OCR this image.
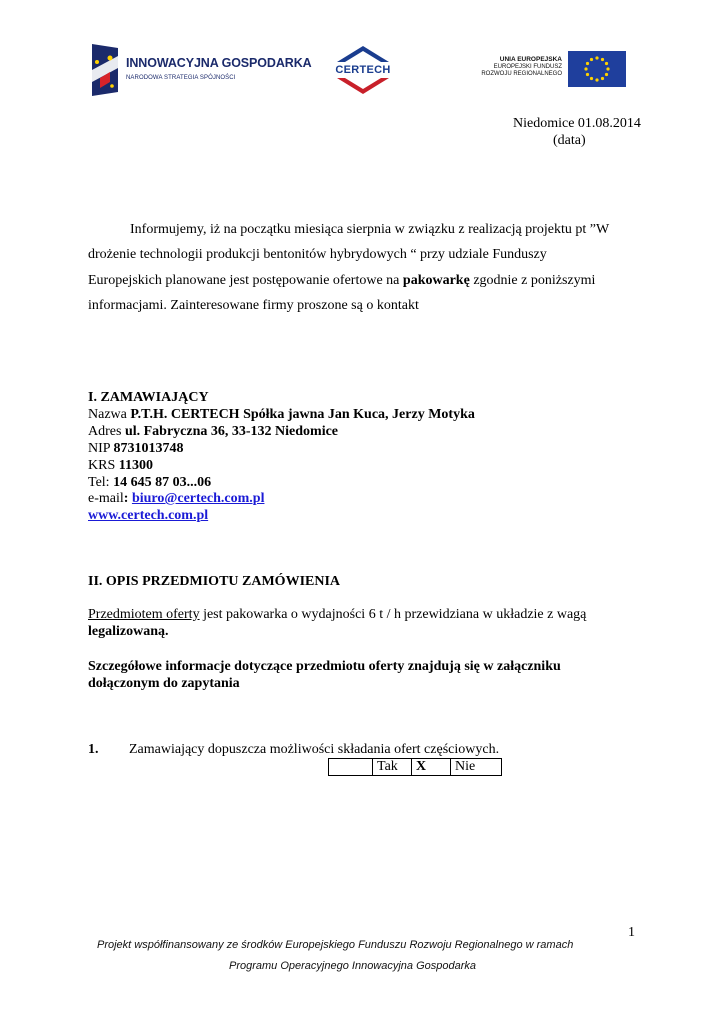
INNOWACYJNA GOSPODARKA
NARODOWA STRATEGIA SPÓJNOŚCI
CERTECH
UNIA EUROPEJSKA
EUROPEJSKI FUNDUSZ
ROZWOJU REGIONALNEGO
Niedomice 01.08.2014
(data)
Informujemy, iż na początku miesiąca sierpnia w związku z realizacją projektu pt ”W
drożenie technologii produkcji bentonitów hybrydowych “ przy udziale Funduszy
Europejskich planowane jest postępowanie ofertowe na pakowarkę zgodnie z poniższymi
informacjami. Zainteresowane firmy proszone są o kontakt
I. ZAMAWIAJĄCY
Nazwa P.T.H. CERTECH Spółka jawna Jan Kuca, Jerzy Motyka
Adres ul. Fabryczna 36, 33-132 Niedomice
NIP 8731013748
KRS 11300
Tel: 14 645 87 03...06
e-mail: biuro@certech.com.pl
www.certech.com.pl
II. OPIS PRZEDMIOTU ZAMÓWIENIA
Przedmiotem oferty jest pakowarka o wydajności 6 t / h przewidziana w układzie z wagą
legalizowaną.
Szczegółowe informacje dotyczące przedmiotu oferty znajdują się w załączniku
dołączonym do zapytania
1. Zamawiający dopuszcza możliwości składania ofert częściowych.
	Tak	X	Nie
1
Projekt współfinansowany ze środków Europejskiego Funduszu Rozwoju Regionalnego w ramach
Programu Operacyjnego Innowacyjna Gospodarka
